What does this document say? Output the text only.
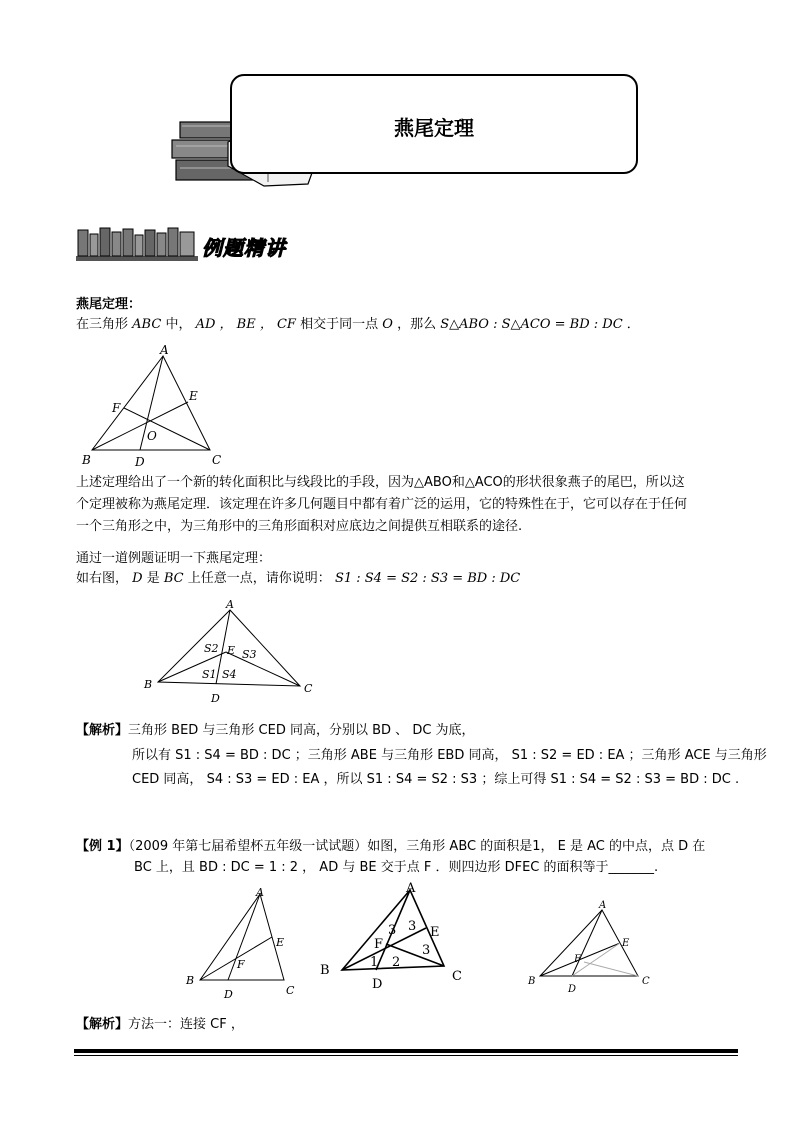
燕尾定理
例题精讲
燕尾定理：
在三角形 ABC 中， AD ， BE ， CF 相交于同一点 O ，那么 S△ABO : S△ACO = BD : DC ．
A
B	C
D
E
F
O
上述定理给出了一个新的转化面积比与线段比的手段，因为△ABO和△ACO的形状很象燕子的尾巴，所以这
个定理被称为燕尾定理．该定理在许多几何题目中都有着广泛的运用，它的特殊性在于，它可以存在于任何
一个三角形之中，为三角形中的三角形面积对应底边之间提供互相联系的途径.
通过一道例题证明一下燕尾定理：
如右图， D 是 BC 上任意一点，请你说明： S1 : S4 = S2 : S3 = BD : DC
A
B	C
D
E
S2 S3
S1 S4
【解析】三角形 BED 与三角形 CED 同高，分别以 BD 、 DC 为底，
所以有 S1 : S4 = BD : DC ；三角形 ABE 与三角形 EBD 同高， S1 : S2 = ED : EA ；三角形 ACE 与三角形
CED 同高， S4 : S3 = ED : EA ，所以 S1 : S4 = S2 : S3 ；综上可得 S1 : S4 = S2 : S3 = BD : DC .
【例 1】（2009 年第七届希望杯五年级一试试题）如图，三角形 ABC 的面积是1， E 是 AC 的中点，点 D 在
BC 上，且 BD : DC = 1 : 2 ， AD 与 BE 交于点 F ．则四边形 DFEC 的面积等于_______.
A
B
C
D
E
F
A
B	C
D
E
F
3 3
3
1 2
A
B	C
D
E
F
【解析】方法一：连接 CF ，
